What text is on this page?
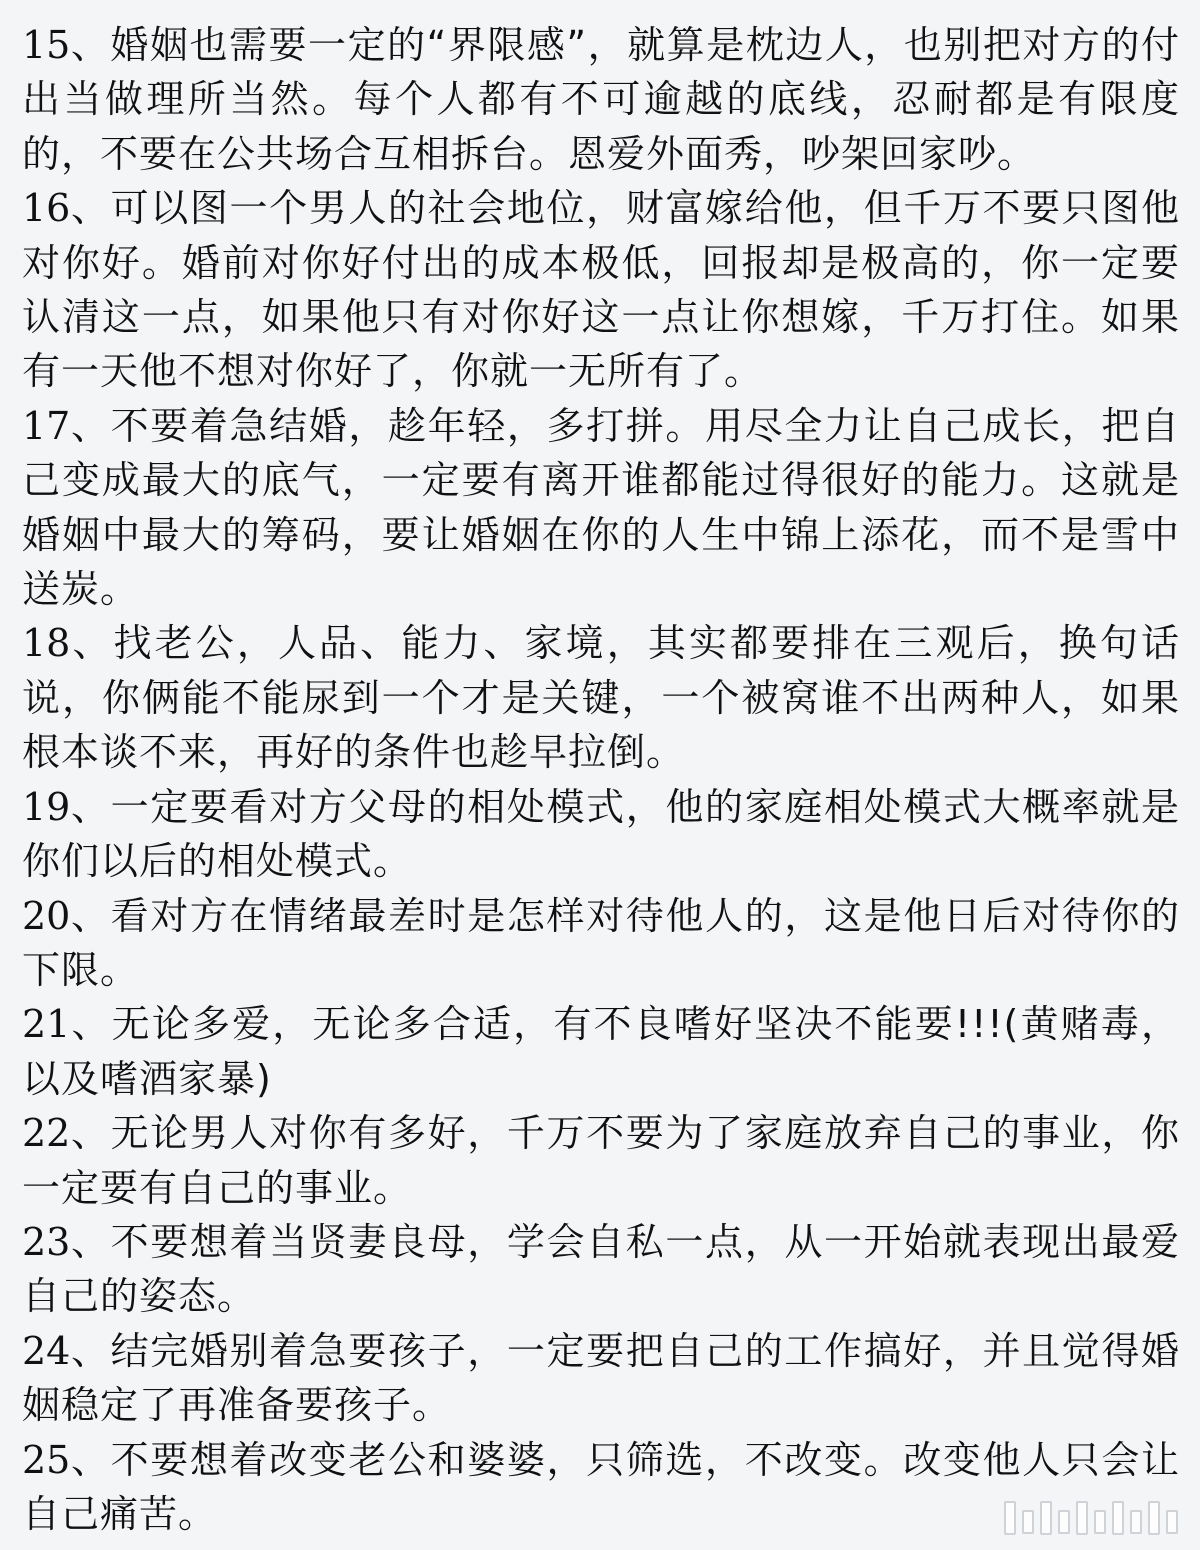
15、婚姻也需要一定的“界限感”，就算是枕边人，也别把对方的付出当做理所当然。每个人都有不可逾越的底线，忍耐都是有限度的，不要在公共场合互相拆台。恩爱外面秀，吵架回家吵。

16、可以图一个男人的社会地位，财富嫁给他，但千万不要只图他对你好。婚前对你好付出的成本极低，回报却是极高的，你一定要认清这一点，如果他只有对你好这一点让你想嫁，千万打住。如果有一天他不想对你好了，你就一无所有了。

17、不要着急结婚，趁年轻，多打拼。用尽全力让自己成长，把自己变成最大的底气，一定要有离开谁都能过得很好的能力。这就是婚姻中最大的筹码，要让婚姻在你的人生中锦上添花，而不是雪中送炭。

18、找老公，人品、能力、家境，其实都要排在三观后，换句话说，你俩能不能尿到一个才是关键，一个被窝谁不出两种人，如果根本谈不来，再好的条件也趁早拉倒。

19、一定要看对方父母的相处模式，他的家庭相处模式大概率就是你们以后的相处模式。

20、看对方在情绪最差时是怎样对待他人的，这是他日后对待你的下限。

21、无论多爱，无论多合适，有不良嗜好坚决不能要!!!(黄赌毒，以及嗜酒家暴)

22、无论男人对你有多好，千万不要为了家庭放弃自己的事业，你一定要有自己的事业。

23、不要想着当贤妻良母，学会自私一点，从一开始就表现出最爱自己的姿态。

24、结完婚别着急要孩子，一定要把自己的工作搞好，并且觉得婚姻稳定了再准备要孩子。

25、不要想着改变老公和婆婆，只筛选，不改变。改变他人只会让自己痛苦。
